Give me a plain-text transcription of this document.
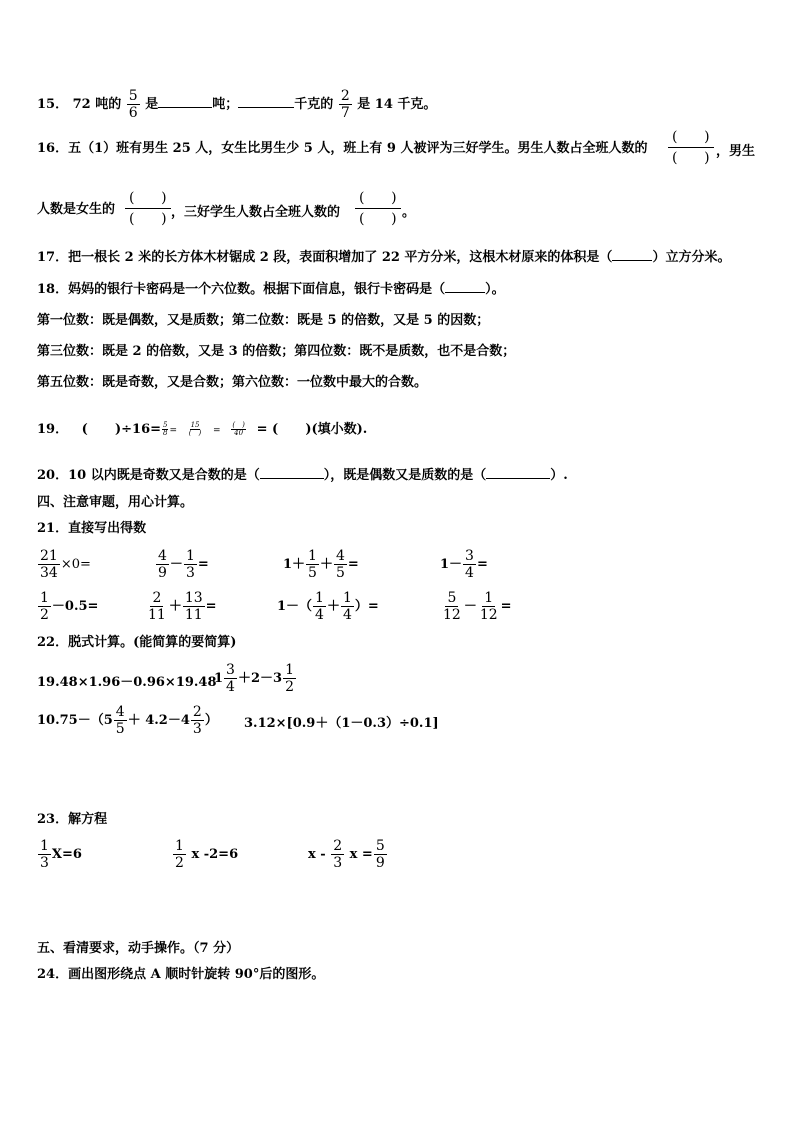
15． 72 吨的 $\frac{5}{6}$ 是	吨；	千克的 $\frac{2}{7}$ 是 14 千克。
16．五（1）班有男生 25 人，女生比男生少 5 人，班上有 9 人被评为三好学生。男生人数占全班人数的
( )
( ) ，男生
人数是女生的
( )
( ) ，三好学生人数占全班人数的
( )
( ) 。
17．把一根长 2 米的长方体木材锯成 2 段，表面积增加了 22 平方分米，这根木材原来的体积是（	）立方分米。
18．妈妈的银行卡密码是一个六位数。根据下面信息，银行卡密码是（	）。
第一位数：既是偶数，又是质数；第二位数：既是 5 的倍数，又是 5 的因数；
第三位数：既是 2 的倍数，又是 3 的倍数；第四位数：既不是质数，也不是合数；
第五位数：既是奇数，又是合数；第六位数：一位数中最大的合数。
19． ( )$\div 16= \frac{5}{8} = \frac{15}{( )} = \frac{( )}{40}$ = ( )(填小数).
20．10 以内既是奇数又是合数的是（	），既是偶数又是质数的是（	）.
四、注意审题，用心计算。
21．直接写出得数
$\frac{21}{34} \times 0=$	$\frac{4}{9} - \frac{1}{3}$ =	$1+ \frac{1}{5} + \frac{4}{5}$ =	$1- \frac{3}{4}$ =
$\frac{1}{2} -0.5=$	$\frac{2}{11} + \frac{13}{11}$ =	$1-( \frac{1}{4} + \frac{1}{4}$ ）=	$\frac{5}{12} - \frac{1}{12}$ =
22．脱式计算。(能简算的要简算)
19.48×1.96－0.96×19.48
$1 \frac{3}{4} +2-3 \frac{1}{2}$
$10.75-(5 \frac{4}{5} + 4.2-4 \frac{2}{3}$ ） 3.12×[0.9＋（1－0.3）÷0.1]
23．解方程
$\frac{1}{3} X=6$	$\frac{1}{2}$ x -2=6	x - $\frac{2}{3}$ $x = \frac{5}{9}$
五、看清要求，动手操作。（7 分）
24．画出图形绕点 A 顺时针旋转 90°后的图形。
